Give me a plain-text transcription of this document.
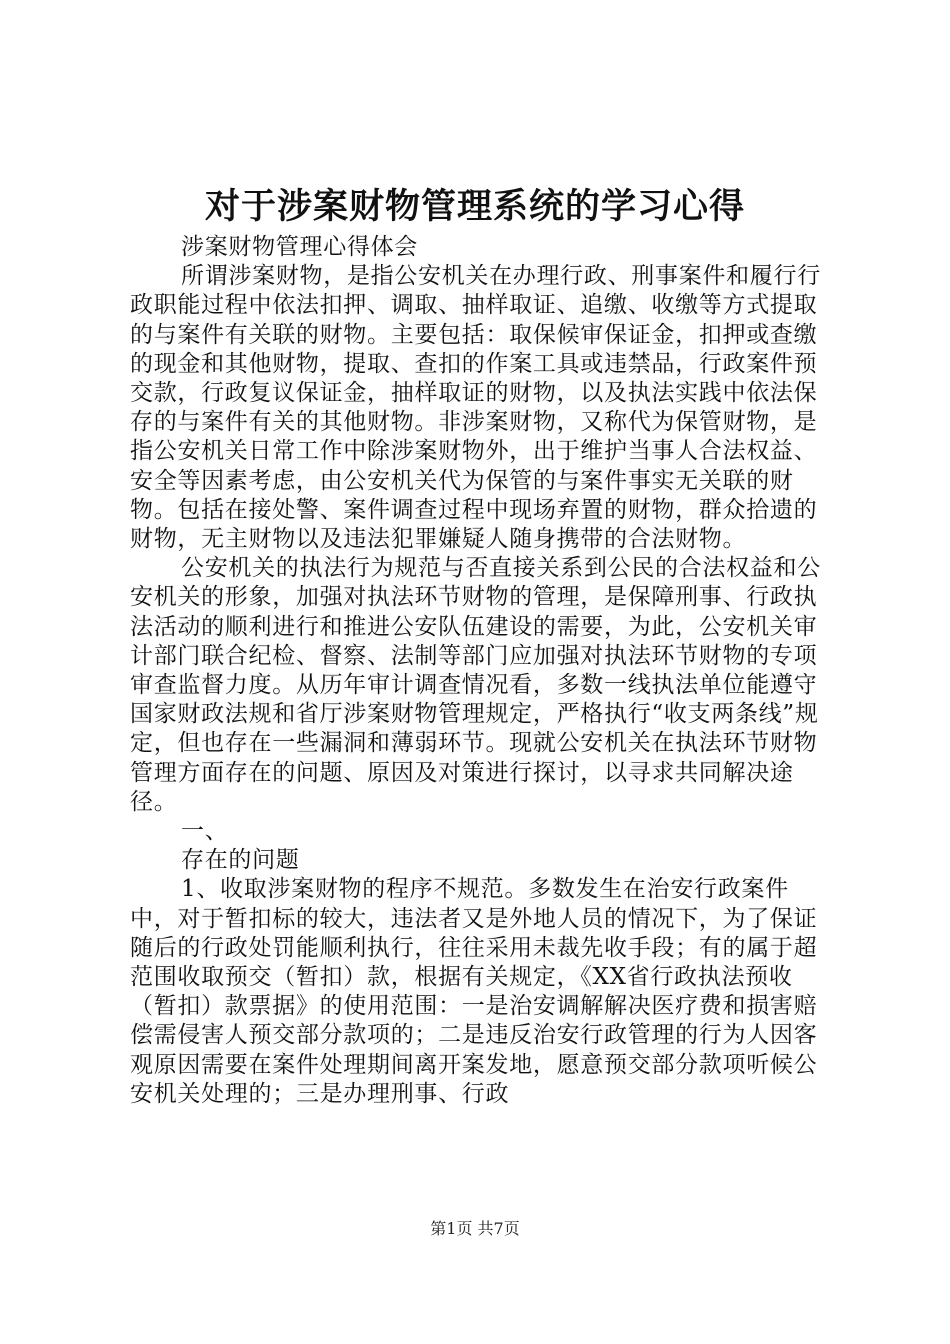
对于涉案财物管理系统的学习心得

涉案财物管理心得体会

所谓涉案财物，是指公安机关在办理行政、刑事案件和履行行政职能过程中依法扣押、调取、抽样取证、追缴、收缴等方式提取的与案件有关联的财物。主要包括：取保候审保证金，扣押或查缴的现金和其他财物，提取、查扣的作案工具或违禁品，行政案件预交款，行政复议保证金，抽样取证的财物，以及执法实践中依法保存的与案件有关的其他财物。非涉案财物，又称代为保管财物，是指公安机关日常工作中除涉案财物外，出于维护当事人合法权益、安全等因素考虑，由公安机关代为保管的与案件事实无关联的财物。包括在接处警、案件调查过程中现场弃置的财物，群众拾遗的财物，无主财物以及违法犯罪嫌疑人随身携带的合法财物。

公安机关的执法行为规范与否直接关系到公民的合法权益和公安机关的形象，加强对执法环节财物的管理，是保障刑事、行政执法活动的顺利进行和推进公安队伍建设的需要，为此，公安机关审计部门联合纪检、督察、法制等部门应加强对执法环节财物的专项审查监督力度。从历年审计调查情况看，多数一线执法单位能遵守国家财政法规和省厅涉案财物管理规定，严格执行“收支两条线”规定，但也存在一些漏洞和薄弱环节。现就公安机关在执法环节财物管理方面存在的问题、原因及对策进行探讨，以寻求共同解决途径。

一、

存在的问题

1、收取涉案财物的程序不规范。多数发生在治安行政案件中，对于暂扣标的较大，违法者又是外地人员的情况下，为了保证随后的行政处罚能顺利执行，往往采用未裁先收手段；有的属于超范围收取预交（暂扣）款，根据有关规定，《XX省行政执法预收（暂扣）款票据》的使用范围：一是治安调解解决医疗费和损害赔偿需侵害人预交部分款项的；二是违反治安行政管理的行为人因客观原因需要在案件处理期间离开案发地，愿意预交部分款项听候公安机关处理的；三是办理刑事、行政

第1页 共7页
